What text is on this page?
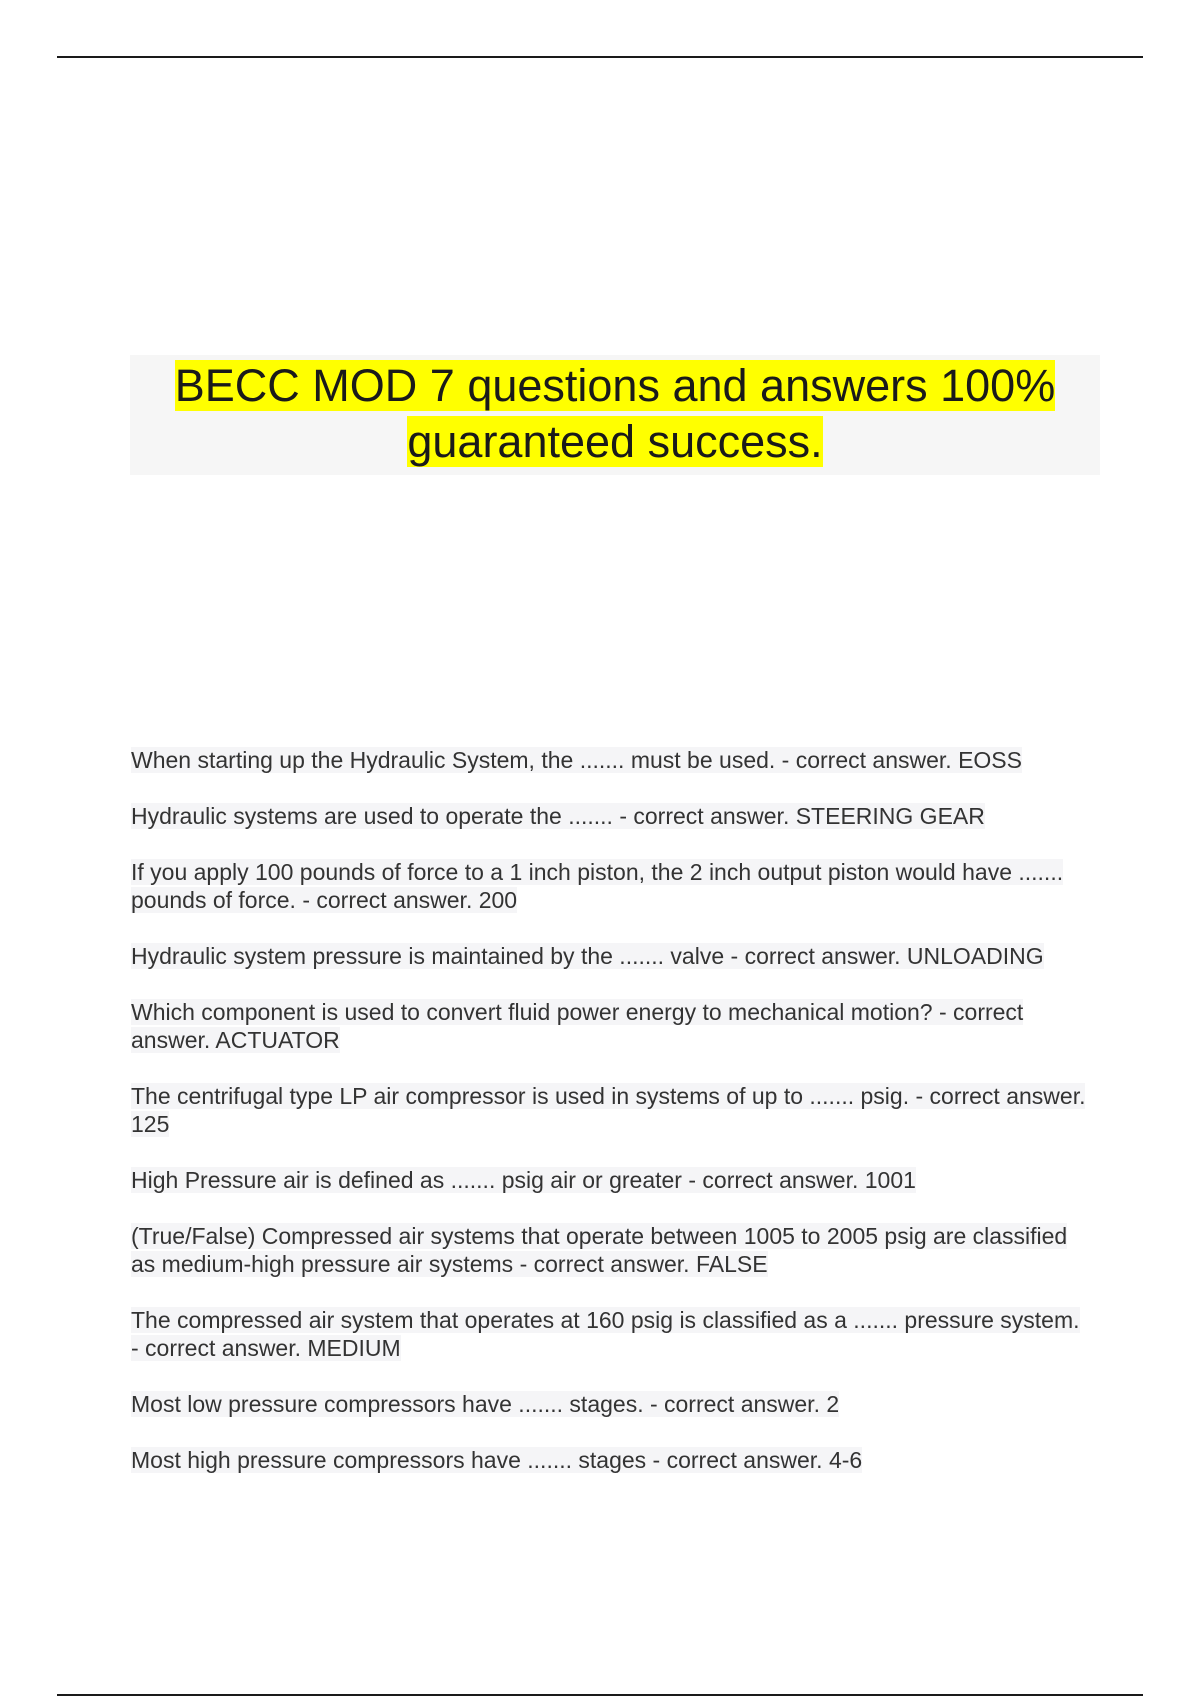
BECC MOD 7 questions and answers 100%
guaranteed success.

When starting up the Hydraulic System, the ....... must be used. - correct answer. EOSS

Hydraulic systems are used to operate the ....... - correct answer. STEERING GEAR

If you apply 100 pounds of force to a 1 inch piston, the 2 inch output piston would have ....... pounds of force. - correct answer. 200

Hydraulic system pressure is maintained by the ....... valve - correct answer. UNLOADING

Which component is used to convert fluid power energy to mechanical motion? - correct answer. ACTUATOR

The centrifugal type LP air compressor is used in systems of up to ....... psig. - correct answer. 125

High Pressure air is defined as ....... psig air or greater - correct answer. 1001

(True/False) Compressed air systems that operate between 1005 to 2005 psig are classified as medium-high pressure air systems - correct answer. FALSE

The compressed air system that operates at 160 psig is classified as a ....... pressure system. - correct answer. MEDIUM

Most low pressure compressors have ....... stages. - correct answer. 2

Most high pressure compressors have ....... stages - correct answer. 4-6
